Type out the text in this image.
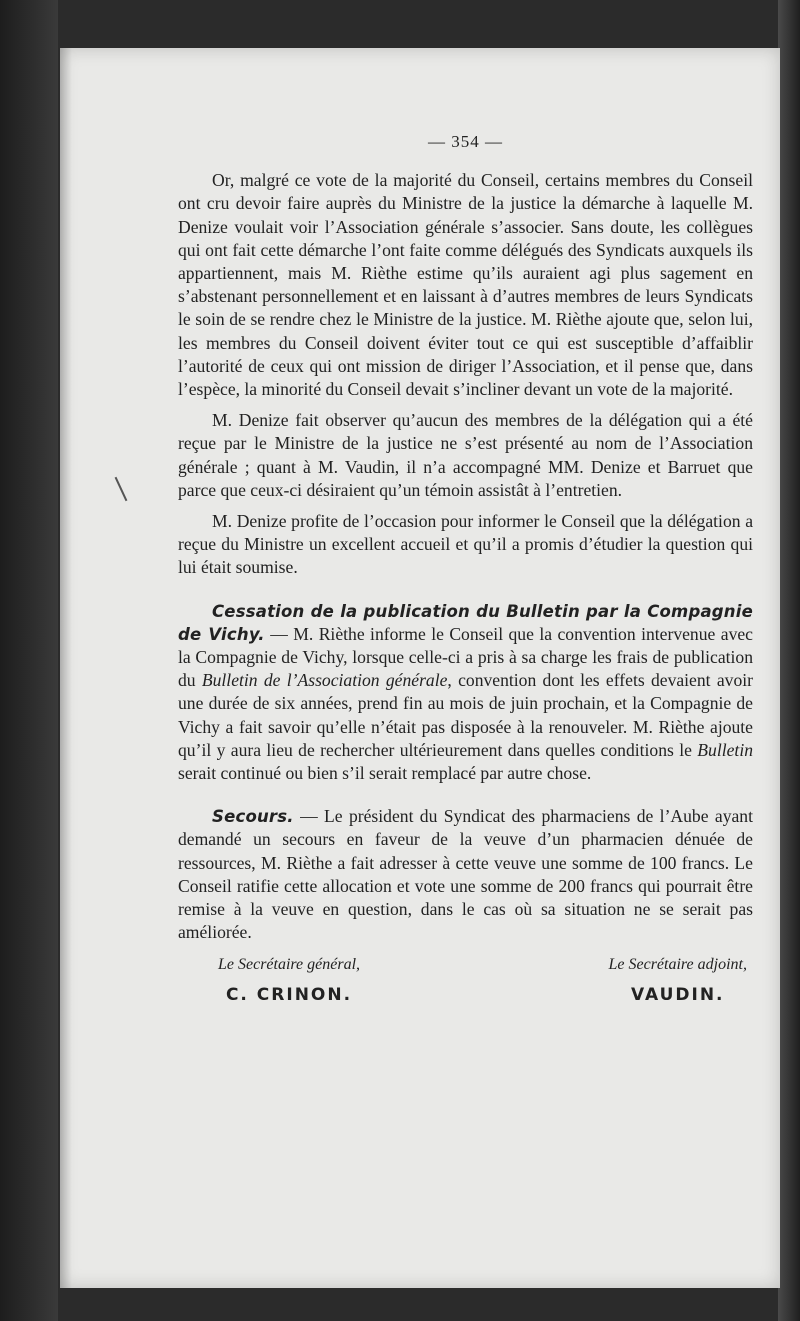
— 354 —

Or, malgré ce vote de la majorité du Conseil, certains membres du Conseil ont cru devoir faire auprès du Ministre de la justice la démarche à laquelle M. Denize voulait voir l’Association générale s’associer. Sans doute, les collègues qui ont fait cette démarche l’ont faite comme délégués des Syndicats auxquels ils appartiennent, mais M. Rièthe estime qu’ils auraient agi plus sagement en s’abstenant personnellement et en laissant à d’autres membres de leurs Syndicats le soin de se rendre chez le Ministre de la justice. M. Rièthe ajoute que, selon lui, les membres du Conseil doivent éviter tout ce qui est susceptible d’affaiblir l’autorité de ceux qui ont mission de diriger l’Association, et il pense que, dans l’espèce, la minorité du Conseil devait s’incliner devant un vote de la majorité.

M. Denize fait observer qu’aucun des membres de la délégation qui a été reçue par le Ministre de la justice ne s’est présenté au nom de l’Association générale ; quant à M. Vaudin, il n’a accompagné MM. Denize et Barruet que parce que ceux-ci désiraient qu’un témoin assistât à l’entretien.

M. Denize profite de l’occasion pour informer le Conseil que la délégation a reçue du Ministre un excellent accueil et qu’il a promis d’étudier la question qui lui était soumise.

Cessation de la publication du Bulletin par la Compagnie de Vichy. — M. Rièthe informe le Conseil que la convention intervenue avec la Compagnie de Vichy, lorsque celle-ci a pris à sa charge les frais de publication du Bulletin de l’Association générale, convention dont les effets devaient avoir une durée de six années, prend fin au mois de juin prochain, et la Compagnie de Vichy a fait savoir qu’elle n’était pas disposée à la renouveler. M. Rièthe ajoute qu’il y aura lieu de rechercher ultérieurement dans quelles conditions le Bulletin serait continué ou bien s’il serait remplacé par autre chose.

Secours. — Le président du Syndicat des pharmaciens de l’Aube ayant demandé un secours en faveur de la veuve d’un pharmacien dénuée de ressources, M. Rièthe a fait adresser à cette veuve une somme de 100 francs. Le Conseil ratifie cette allocation et vote une somme de 200 francs qui pourrait être remise à la veuve en question, dans le cas où sa situation ne se serait pas améliorée.

Le Secrétaire général,
C. CRINON.
Le Secrétaire adjoint,
VAUDIN.
